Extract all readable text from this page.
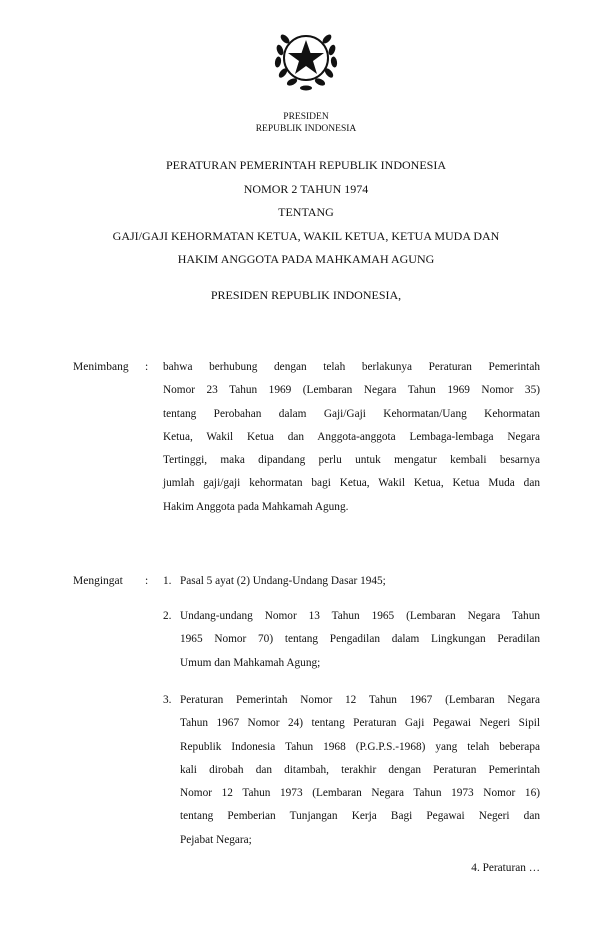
PRESIDEN
REPUBLIK INDONESIA
PERATURAN PEMERINTAH REPUBLIK INDONESIA
NOMOR 2 TAHUN 1974
TENTANG
GAJI/GAJI KEHORMATAN KETUA, WAKIL KETUA, KETUA MUDA DAN
HAKIM ANGGOTA PADA MAHKAMAH AGUNG
PRESIDEN REPUBLIK INDONESIA,
Menimbang : bahwa berhubung dengan telah berlakunya Peraturan Pemerintah
Nomor 23 Tahun 1969 (Lembaran Negara Tahun 1969 Nomor 35)
tentang Perobahan dalam Gaji/Gaji Kehormatan/Uang Kehormatan
Ketua, Wakil Ketua dan Anggota-anggota Lembaga-lembaga Negara
Tertinggi, maka dipandang perlu untuk mengatur kembali besarnya
jumlah gaji/gaji kehormatan bagi Ketua, Wakil Ketua, Ketua Muda dan
Hakim Anggota pada Mahkamah Agung.
Mengingat : 1. Pasal 5 ayat (2) Undang-Undang Dasar 1945;
2. Undang-undang Nomor 13 Tahun 1965 (Lembaran Negara Tahun
1965 Nomor 70) tentang Pengadilan dalam Lingkungan Peradilan
Umum dan Mahkamah Agung;
3. Peraturan Pemerintah Nomor 12 Tahun 1967 (Lembaran Negara
Tahun 1967 Nomor 24) tentang Peraturan Gaji Pegawai Negeri Sipil
Republik Indonesia Tahun 1968 (P.G.P.S.-1968) yang telah beberapa
kali dirobah dan ditambah, terakhir dengan Peraturan Pemerintah
Nomor 12 Tahun 1973 (Lembaran Negara Tahun 1973 Nomor 16)
tentang Pemberian Tunjangan Kerja Bagi Pegawai Negeri dan
Pejabat Negara;
4. Peraturan …
